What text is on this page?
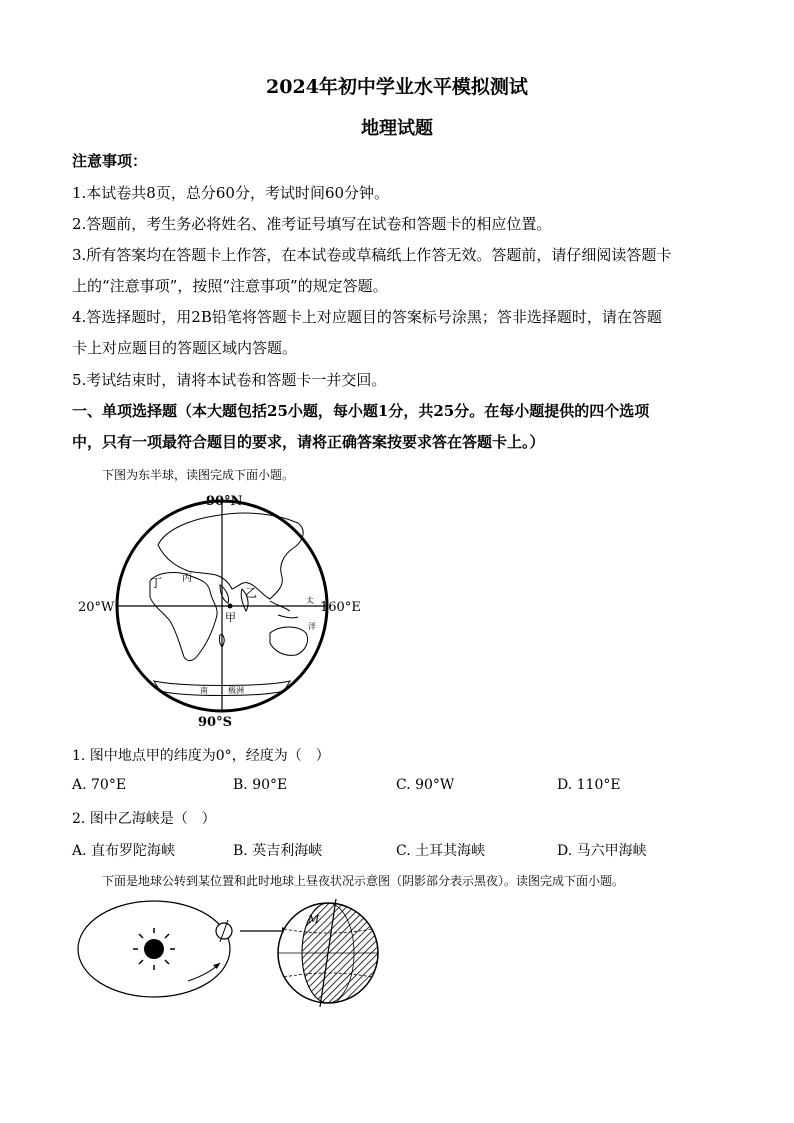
2024年初中学业水平模拟测试
地理试题
注意事项：
1.本试卷共8页，总分60分，考试时间60分钟。
2.答题前，考生务必将姓名、准考证号填写在试卷和答题卡的相应位置。
3.所有答案均在答题卡上作答，在本试卷或草稿纸上作答无效。答题前，请仔细阅读答题卡
上的“注意事项”，按照“注意事项”的规定答题。
4.答选择题时，用2B铅笔将答题卡上对应题目的答案标号涂黑；答非选择题时，请在答题
卡上对应题目的答题区域内答题。
5.考试结束时，请将本试卷和答题卡一并交回。
一、单项选择题（本大题包括25小题，每小题1分，共25分。在每小题提供的四个选项
中，只有一项最符合题目的要求，请将正确答案按要求答在答题卡上。）
下图为东半球，读图完成下面小题。
90°N
90°S
20°W	160°E
甲
乙
丙
丁
太
洋
南	极洲
1. 图中地点甲的纬度为0°，经度为（　）
A. 70°E	B. 90°E	C. 90°W	D. 110°E
2. 图中乙海峡是（　）
A. 直布罗陀海峡	B. 英吉利海峡	C. 土耳其海峡	D. 马六甲海峡
下面是地球公转到某位置和此时地球上昼夜状况示意图（阴影部分表示黑夜）。读图完成下面小题。
M
